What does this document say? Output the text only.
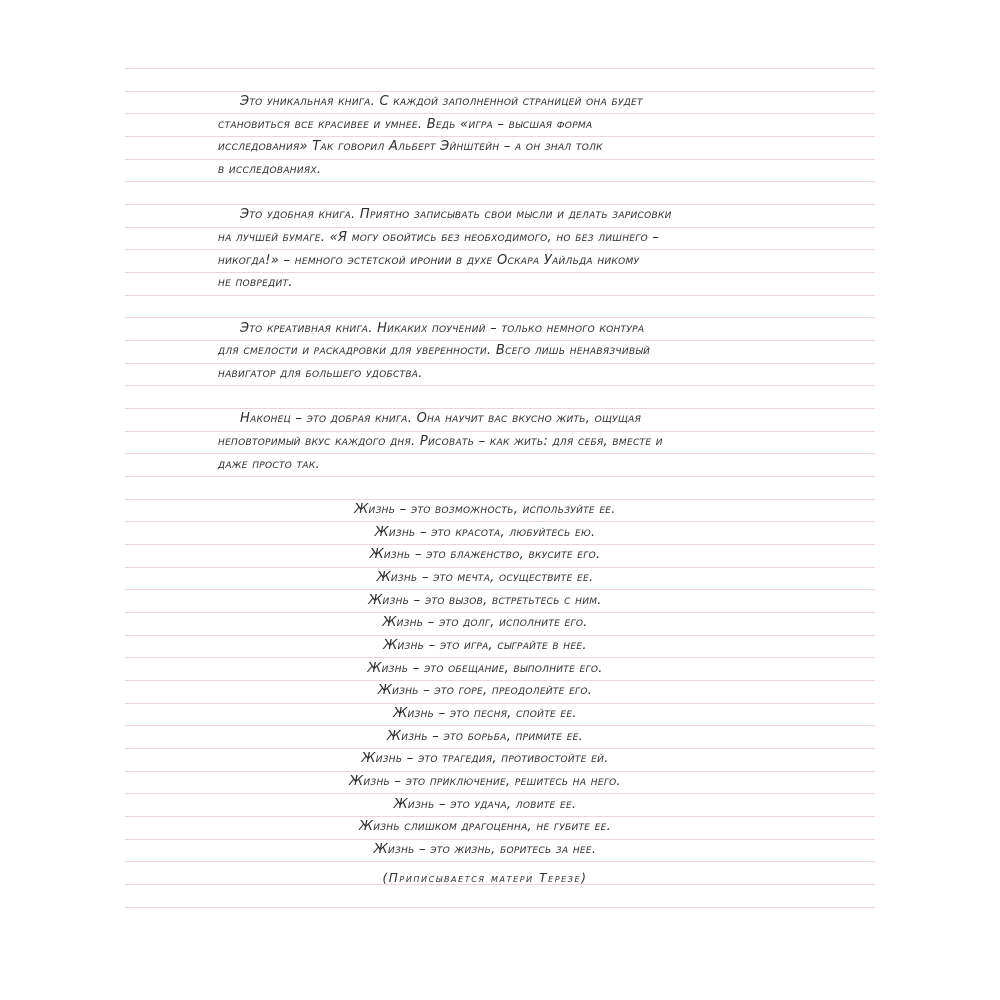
Это уникальная книга. С каждой заполненной страницей она будет

становиться все красивее и умнее. Ведь «игра – высшая форма

исследования» Так говорил Альберт Эйнштейн – а он знал толк

в исследованиях.

Это удобная книга. Приятно записывать свои мысли и делать зарисовки

на лучшей бумаге. «Я могу обойтись без необходимого, но без лишнего –

никогда!» – немного эстетской иронии в духе Оскара Уайльда никому

не повредит.

Это креативная книга. Никаких поучений – только немного контура

для смелости и раскадровки для уверенности. Всего лишь ненавязчивый

навигатор для большего удобства.

Наконец – это добрая книга. Она научит вас вкусно жить, ощущая

неповторимый вкус каждого дня. Рисовать – как жить: для себя, вместе и

даже просто так.

Жизнь – это возможность, используйте ее.

Жизнь – это красота, любуйтесь ею.

Жизнь – это блаженство, вкусите его.

Жизнь – это мечта, осуществите ее.

Жизнь – это вызов, встретьтесь с ним.

Жизнь – это долг, исполните его.

Жизнь – это игра, сыграйте в нее.

Жизнь – это обещание, выполните его.

Жизнь – это горе, преодолейте его.

Жизнь – это песня, спойте ее.

Жизнь – это борьба, примите ее.

Жизнь – это трагедия, противостойте ей.

Жизнь – это приключение, решитесь на него.

Жизнь – это удача, ловите ее.

Жизнь слишком драгоценна, не губите ее.

Жизнь – это жизнь, боритесь за нее.

(Приписывается матери Терезе)
